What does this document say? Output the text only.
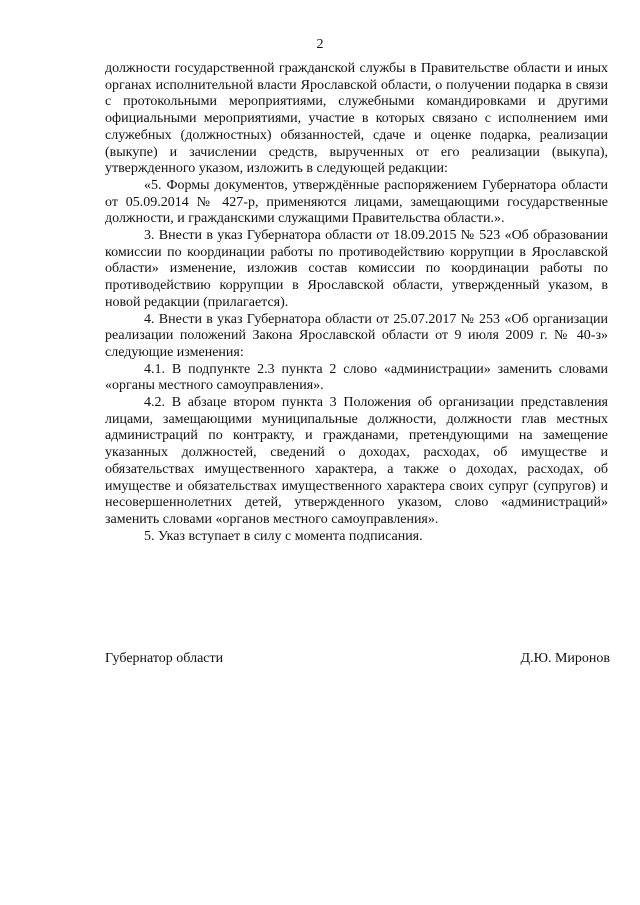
2

должности государственной гражданской службы в Правительстве области и иных органах исполнительной власти Ярославской области, о получении подарка в связи с протокольными мероприятиями, служебными командировками и другими официальными мероприятиями, участие в которых связано с исполнением ими служебных (должностных) обязанностей, сдаче и оценке подарка, реализации (выкупе) и зачислении средств, вырученных от его реализации (выкупа), утвержденного указом, изложить в следующей редакции:

«5. Формы документов, утверждённые распоряжением Губернатора области от 05.09.2014 № 427-р, применяются лицами, замещающими государственные должности, и гражданскими служащими Правительства области.».

3. Внести в указ Губернатора области от 18.09.2015 № 523 «Об образовании комиссии по координации работы по противодействию коррупции в Ярославской области» изменение, изложив состав комиссии по координации работы по противодействию коррупции в Ярославской области, утвержденный указом, в новой редакции (прилагается).

4. Внести в указ Губернатора области от 25.07.2017 № 253 «Об организации реализации положений Закона Ярославской области от 9 июля 2009 г. № 40-з» следующие изменения:

4.1. В подпункте 2.3 пункта 2 слово «администрации» заменить словами «органы местного самоуправления».

4.2. В абзаце втором пункта 3 Положения об организации представления лицами, замещающими муниципальные должности, должности глав местных администраций по контракту, и гражданами, претендующими на замещение указанных должностей, сведений о доходах, расходах, об имуществе и обязательствах имущественного характера, а также о доходах, расходах, об имуществе и обязательствах имущественного характера своих супруг (супругов) и несовершеннолетних детей, утвержденного указом, слово «администраций» заменить словами «органов местного самоуправления».

5. Указ вступает в силу с момента подписания.

Губернатор области	Д.Ю. Миронов
